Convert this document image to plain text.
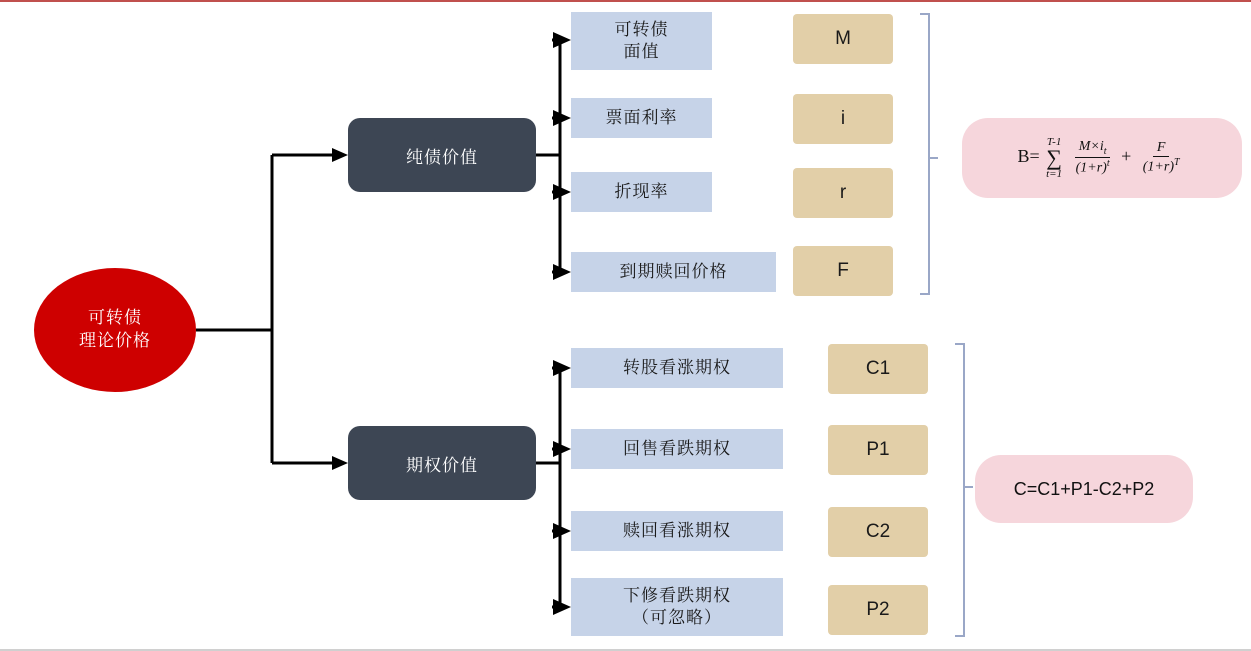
可转债
理论价格
纯债价值
期权价值
可转债
面值
票面利率
折现率
到期赎回价格
M
i
r
F
转股看涨期权
回售看跌期权
赎回看涨期权
下修看跌期权
（可忽略）
C1
P1
C2
P2
B=
T-1
∑
t=1
$\frac{M\times i_t}{(1+r)^t} + \frac{F}{(1+r)^T}$
C=C1+P1-C2+P2
